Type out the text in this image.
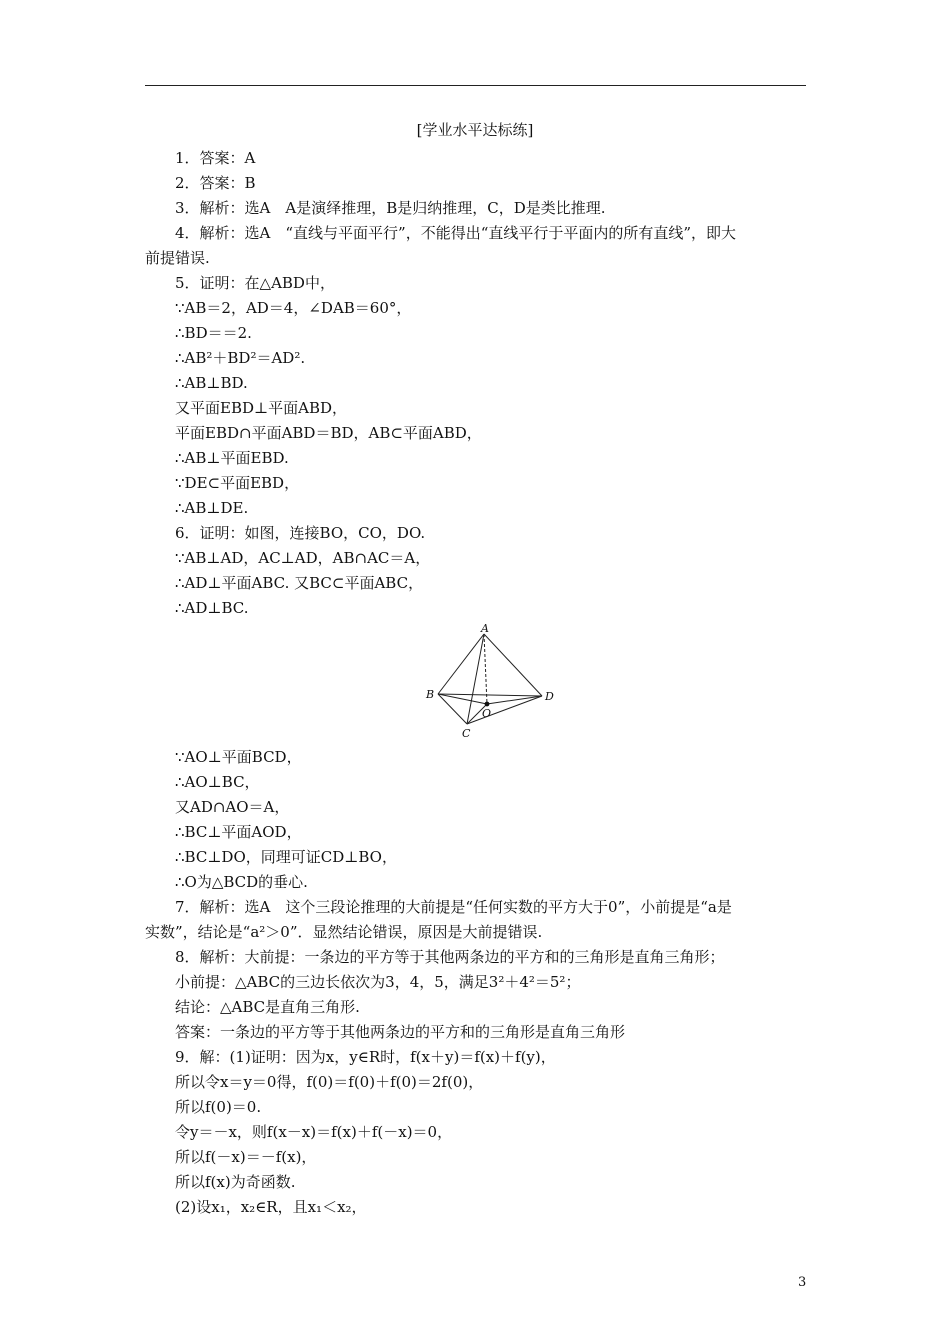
[学业水平达标练]
1．答案：A
2．答案：B
3．解析：选A　A是演绎推理，B是归纳推理，C，D是类比推理.
4．解析：选A　“直线与平面平行”，不能得出“直线平行于平面内的所有直线”，即大
前提错误.
5．证明：在△ABD中，
∵AB＝2，AD＝4，∠DAB＝60°，
∴BD＝＝2.
∴AB²＋BD²＝AD².
∴AB⊥BD.
又平面EBD⊥平面ABD，
平面EBD∩平面ABD＝BD，AB⊂平面ABD，
∴AB⊥平面EBD.
∵DE⊂平面EBD，
∴AB⊥DE.
6．证明：如图，连接BO，CO，DO.
∵AB⊥AD，AC⊥AD，AB∩AC＝A，
∴AD⊥平面ABC. 又BC⊂平面ABC，
∴AD⊥BC.
A
B
C
D
O
∵AO⊥平面BCD，
∴AO⊥BC，
又AD∩AO＝A，
∴BC⊥平面AOD，
∴BC⊥DO，同理可证CD⊥BO，
∴O为△BCD的垂心.
7．解析：选A　这个三段论推理的大前提是“任何实数的平方大于0”，小前提是“a是
实数”，结论是“a²＞0”．显然结论错误，原因是大前提错误.
8．解析：大前提：一条边的平方等于其他两条边的平方和的三角形是直角三角形；
小前提：△ABC的三边长依次为3，4，5，满足3²＋4²＝5²；
结论：△ABC是直角三角形.
答案：一条边的平方等于其他两条边的平方和的三角形是直角三角形
9．解：(1)证明：因为x，y∈R时，f(x＋y)＝f(x)＋f(y)，
所以令x＝y＝0得，f(0)＝f(0)＋f(0)＝2f(0)，
所以f(0)＝0.
令y＝－x，则f(x－x)＝f(x)＋f(－x)＝0，
所以f(－x)＝－f(x)，
所以f(x)为奇函数.
(2)设x₁，x₂∈R，且x₁＜x₂，
3
